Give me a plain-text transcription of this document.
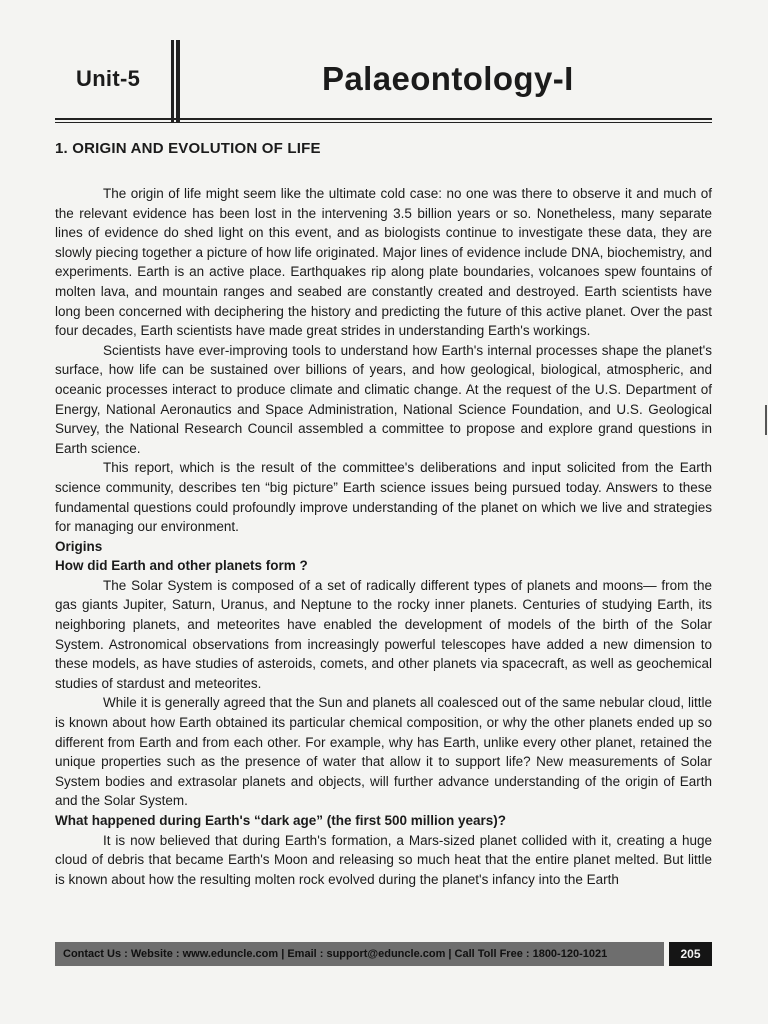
Unit-5	Palaeontology-I
1. ORIGIN AND EVOLUTION OF LIFE

The origin of life might seem like the ultimate cold case: no one was there to observe it and much of the relevant evidence has been lost in the intervening 3.5 billion years or so. Nonetheless, many separate lines of evidence do shed light on this event, and as biologists continue to investigate these data, they are slowly piecing together a picture of how life originated. Major lines of evidence include DNA, biochemistry, and experiments. Earth is an active place. Earthquakes rip along plate boundaries, volcanoes spew fountains of molten lava, and mountain ranges and seabed are constantly created and destroyed. Earth scientists have long been concerned with deciphering the history and predicting the future of this active planet. Over the past four decades, Earth scientists have made great strides in understanding Earth's workings.

Scientists have ever-improving tools to understand how Earth's internal processes shape the planet's surface, how life can be sustained over billions of years, and how geological, biological, atmospheric, and oceanic processes interact to produce climate and climatic change. At the request of the U.S. Department of Energy, National Aeronautics and Space Administration, National Science Foundation, and U.S. Geological Survey, the National Research Council assembled a committee to propose and explore grand questions in Earth science.

This report, which is the result of the committee's deliberations and input solicited from the Earth science community, describes ten “big picture” Earth science issues being pursued today. Answers to these fundamental questions could profoundly improve understanding of the planet on which we live and strategies for managing our environment.

Origins

How did Earth and other planets form ?

The Solar System is composed of a set of radically different types of planets and moons— from the gas giants Jupiter, Saturn, Uranus, and Neptune to the rocky inner planets. Centuries of studying Earth, its neighboring planets, and meteorites have enabled the development of models of the birth of the Solar System. Astronomical observations from increasingly powerful telescopes have added a new dimension to these models, as have studies of asteroids, comets, and other planets via spacecraft, as well as geochemical studies of stardust and meteorites.

While it is generally agreed that the Sun and planets all coalesced out of the same nebular cloud, little is known about how Earth obtained its particular chemical composition, or why the other planets ended up so different from Earth and from each other. For example, why has Earth, unlike every other planet, retained the unique properties such as the presence of water that allow it to support life? New measurements of Solar System bodies and extrasolar planets and objects, will further advance understanding of the origin of Earth and the Solar System.

What happened during Earth's “dark age” (the first 500 million years)?

It is now believed that during Earth's formation, a Mars-sized planet collided with it, creating a huge cloud of debris that became Earth's Moon and releasing so much heat that the entire planet melted. But little is known about how the resulting molten rock evolved during the planet's infancy into the Earth

Contact Us : Website : www.eduncle.com | Email : support@eduncle.com | Call Toll Free : 1800-120-1021	205
